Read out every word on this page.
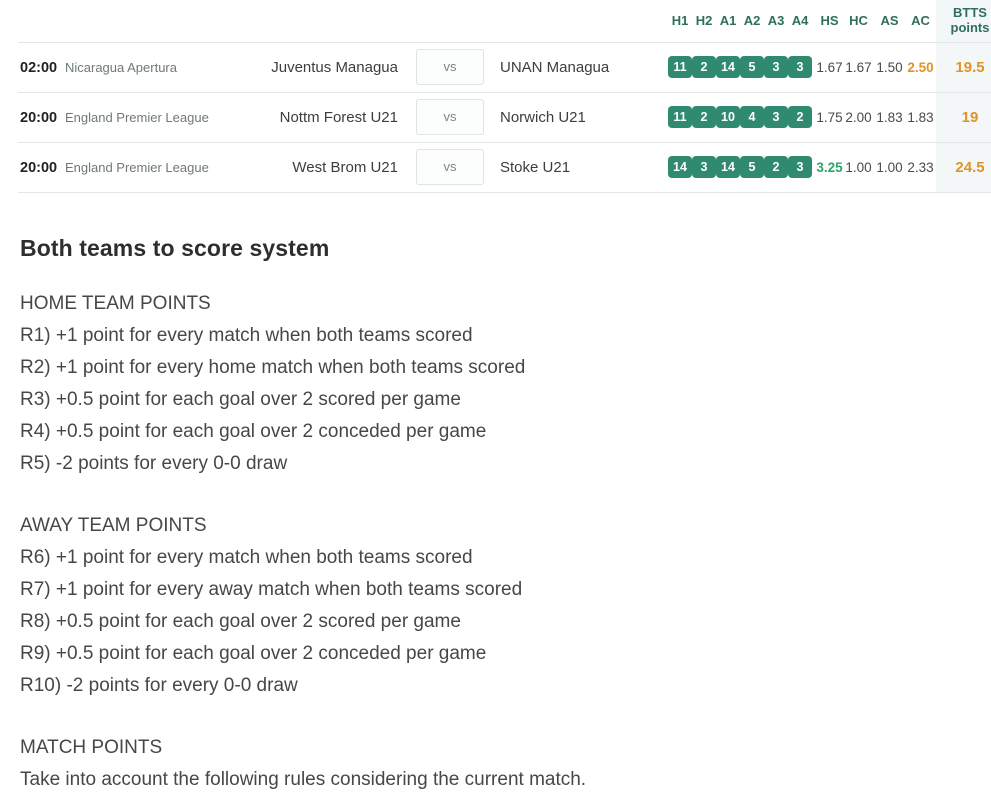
				H1	H2	A1	A2	A3	A4	HS	HC	AS	AC	BTTS
points
02:00 Nicaragua Apertura	Juventus Managua	vs	UNAN Managua	11	2	14	5	3	3	1.67	1.67	1.50	2.50	19.5
20:00 England Premier League	Nottm Forest U21	vs	Norwich U21	11	2	10	4	3	2	1.75	2.00	1.83	1.83	19
20:00 England Premier League	West Brom U21	vs	Stoke U21	14	3	14	5	2	3	3.25	1.00	1.00	2.33	24.5
Both teams to score system
HOME TEAM POINTS
R1) +1 point for every match when both teams scored
R2) +1 point for every home match when both teams scored
R3) +0.5 point for each goal over 2 scored per game
R4) +0.5 point for each goal over 2 conceded per game
R5) -2 points for every 0-0 draw
AWAY TEAM POINTS
R6) +1 point for every match when both teams scored
R7) +1 point for every away match when both teams scored
R8) +0.5 point for each goal over 2 scored per game
R9) +0.5 point for each goal over 2 conceded per game
R10) -2 points for every 0-0 draw
MATCH POINTS
Take into account the following rules considering the current match.
